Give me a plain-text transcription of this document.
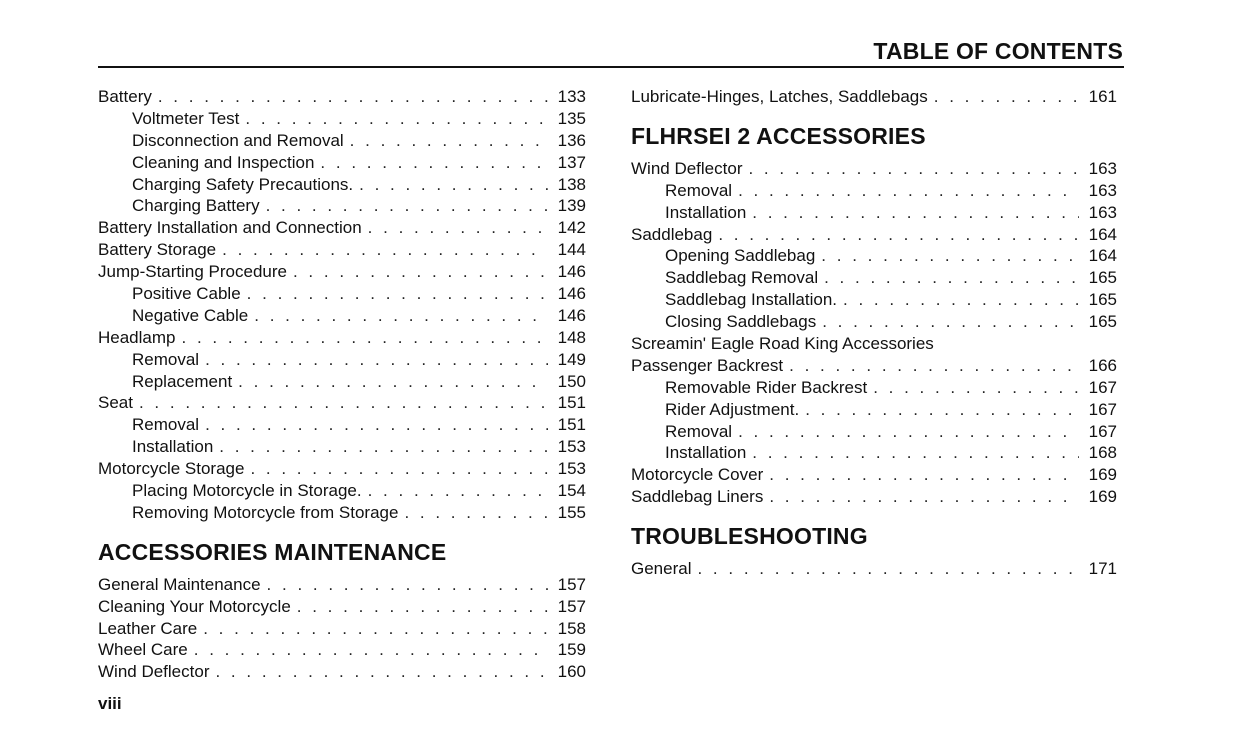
TABLE OF CONTENTS
Battery . . .	133
Voltmeter Test . . .	135
Disconnection and Removal . . .	136
Cleaning and Inspection . . .	137
Charging Safety Precautions. . . .	138
Charging Battery . . .	139
Battery Installation and Connection . . .	142
Battery Storage . . .	144
Jump-Starting Procedure . . .	146
Positive Cable . . .	146
Negative Cable . . .	146
Headlamp . . .	148
Removal . . .	149
Replacement . . .	150
Seat . . .	151
Removal . . .	151
Installation . . .	153
Motorcycle Storage . . .	153
Placing Motorcycle in Storage. . . .	154
Removing Motorcycle from Storage . . .	155
ACCESSORIES MAINTENANCE
General Maintenance . . .	157
Cleaning Your Motorcycle . . .	157
Leather Care . . .	158
Wheel Care . . .	159
Wind Deflector . . .	160
Lubricate-Hinges, Latches, Saddlebags . . .	161
FLHRSEI 2 ACCESSORIES
Wind Deflector . . .	163
Removal . . .	163
Installation . . .	163
Saddlebag . . .	164
Opening Saddlebag . . .	164
Saddlebag Removal . . .	165
Saddlebag Installation. . . .	165
Closing Saddlebags . . .	165
Screamin' Eagle Road King Accessories
Passenger Backrest . . .	166
Removable Rider Backrest . . .	167
Rider Adjustment. . . .	167
Removal . . .	167
Installation . . .	168
Motorcycle Cover . . .	169
Saddlebag Liners . . .	169
TROUBLESHOOTING
General . . .	171
viii
